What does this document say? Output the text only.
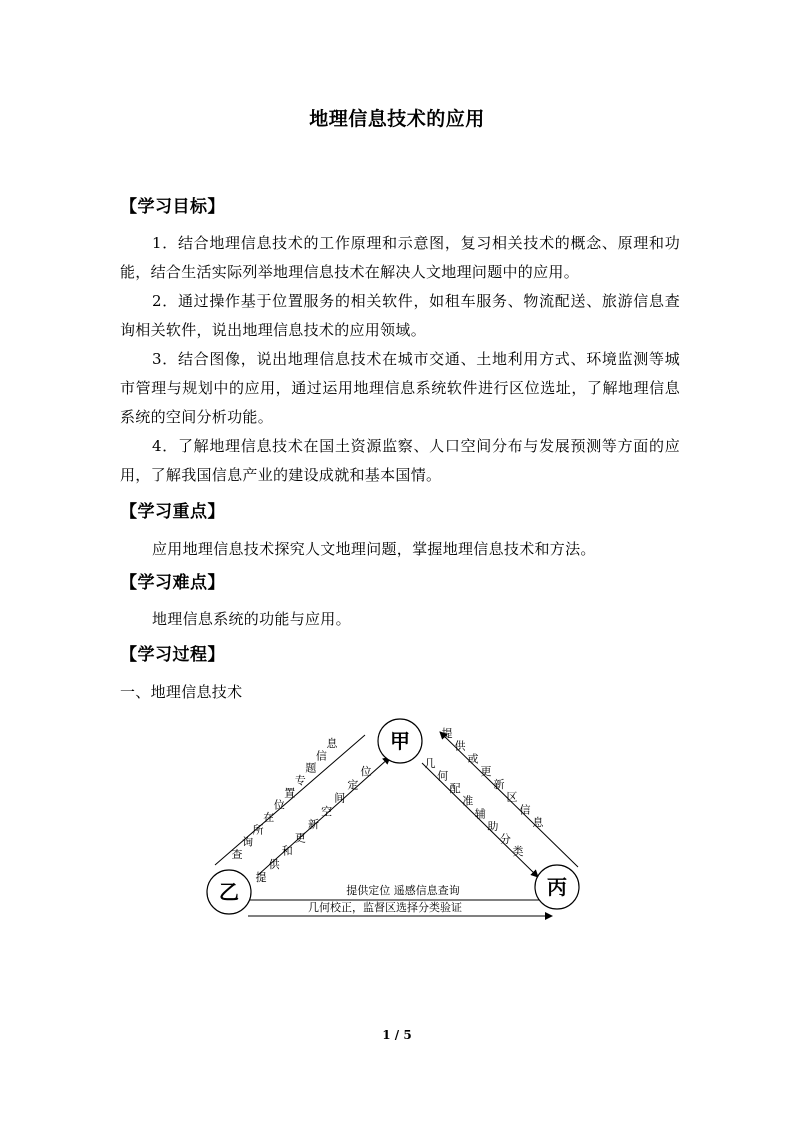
地理信息技术的应用
【学习目标】
1．结合地理信息技术的工作原理和示意图，复习相关技术的概念、原理和功能，结合生活实际列举地理信息技术在解决人文地理问题中的应用。
2．通过操作基于位置服务的相关软件，如租车服务、物流配送、旅游信息查询相关软件，说出地理信息技术的应用领域。
3．结合图像，说出地理信息技术在城市交通、土地利用方式、环境监测等城市管理与规划中的应用，通过运用地理信息系统软件进行区位选址，了解地理信息系统的空间分析功能。
4．了解地理信息技术在国土资源监察、人口空间分布与发展预测等方面的应用，了解我国信息产业的建设成就和基本国情。
【学习重点】
应用地理信息技术探究人文地理问题，掌握地理信息技术和方法。
【学习难点】
地理信息系统的功能与应用。
【学习过程】
一、地理信息技术
甲
乙	丙
查
询
所
在
位
置
专
题
信
息
提
供
和
更
新
空
间
定
位
提
供
或
更
新
区
信
息
几
何
配
准
辅
助
分
类
提供定位 遥感信息查询
几何校正，监督区选择分类验证
1 / 5
